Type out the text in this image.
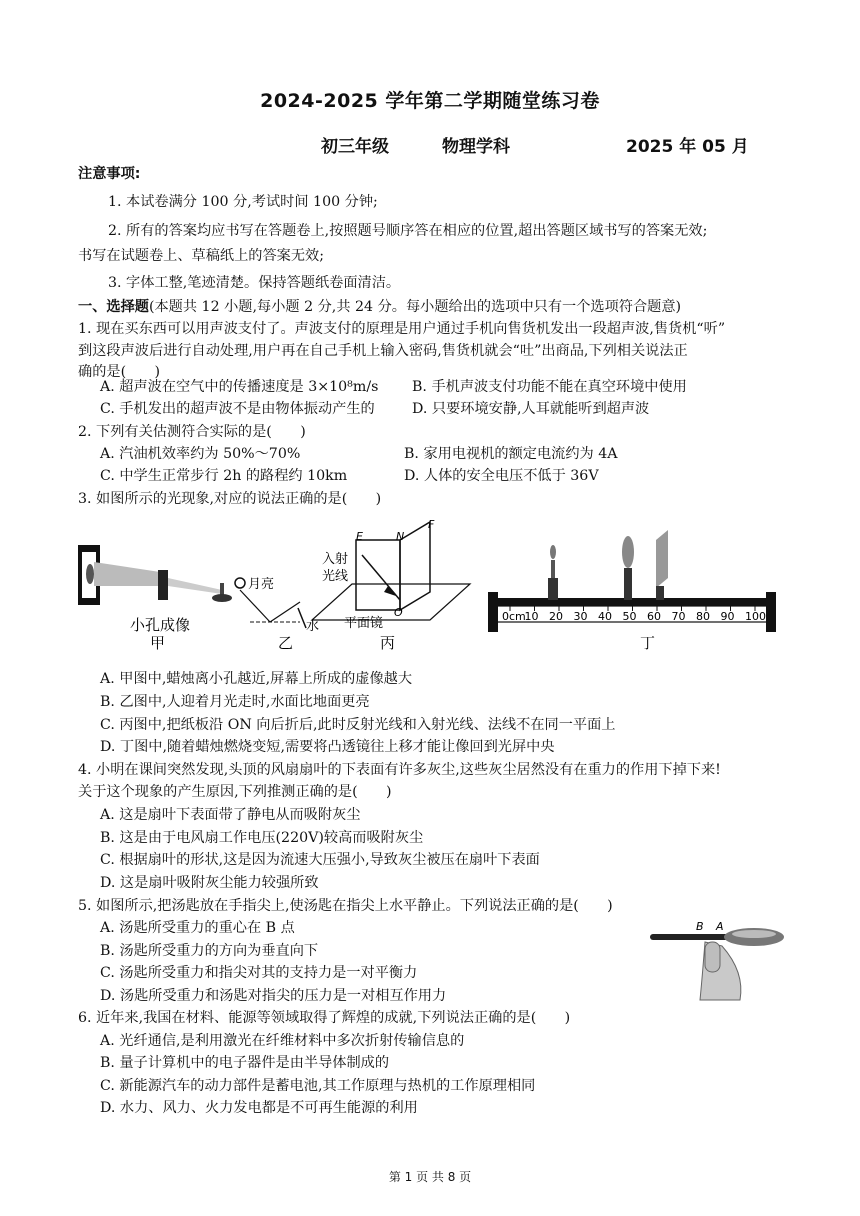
2024-2025 学年第二学期随堂练习卷
初三年级	物理学科	2025 年 05 月
注意事项:
1. 本试卷满分 100 分,考试时间 100 分钟;
2. 所有的答案均应书写在答题卷上,按照题号顺序答在相应的位置,超出答题区域书写的答案无效;
书写在试题卷上、草稿纸上的答案无效;
3. 字体工整,笔迹清楚。保持答题纸卷面清洁。
一、选择题(本题共 12 小题,每小题 2 分,共 24 分。每小题给出的选项中只有一个选项符合题意)
1. 现在买东西可以用声波支付了。声波支付的原理是用户通过手机向售货机发出一段超声波,售货机“听”
到这段声波后进行自动处理,用户再在自己手机上输入密码,售货机就会“吐”出商品,下列相关说法正
确的是(　　)
A. 超声波在空气中的传播速度是 3×10⁸m/s B. 手机声波支付功能不能在真空环境中使用
C. 手机发出的超声波不是由物体振动产生的	D. 只要环境安静,人耳就能听到超声波
2. 下列有关估测符合实际的是(　　)
A. 汽油机效率约为 50%～70%	B. 家用电视机的额定电流约为 4A
C. 中学生正常步行 2h 的路程约 10km	D. 人体的安全电压不低于 36V
3. 如图所示的光现象,对应的说法正确的是(　　)
小孔成像
甲
月亮
水
乙
E	N
F
O
入射
光线
平面镜
丙
0cm
10 20 30 40 50 60 70 80 90 100
丁
B A
A. 甲图中,蜡烛离小孔越近,屏幕上所成的虚像越大
B. 乙图中,人迎着月光走时,水面比地面更亮
C. 丙图中,把纸板沿 ON 向后折后,此时反射光线和入射光线、法线不在同一平面上
D. 丁图中,随着蜡烛燃烧变短,需要将凸透镜往上移才能让像回到光屏中央
4. 小明在课间突然发现,头顶的风扇扇叶的下表面有许多灰尘,这些灰尘居然没有在重力的作用下掉下来!
关于这个现象的产生原因,下列推测正确的是(　　)
A. 这是扇叶下表面带了静电从而吸附灰尘
B. 这是由于电风扇工作电压(220V)较高而吸附灰尘
C. 根据扇叶的形状,这是因为流速大压强小,导致灰尘被压在扇叶下表面
D. 这是扇叶吸附灰尘能力较强所致
5. 如图所示,把汤匙放在手指尖上,使汤匙在指尖上水平静止。下列说法正确的是(　　)
A. 汤匙所受重力的重心在 B 点
B. 汤匙所受重力的方向为垂直向下
C. 汤匙所受重力和指尖对其的支持力是一对平衡力
D. 汤匙所受重力和汤匙对指尖的压力是一对相互作用力
6. 近年来,我国在材料、能源等领域取得了辉煌的成就,下列说法正确的是(　　)
A. 光纤通信,是利用激光在纤维材料中多次折射传输信息的
B. 量子计算机中的电子器件是由半导体制成的
C. 新能源汽车的动力部件是蓄电池,其工作原理与热机的工作原理相同
D. 水力、风力、火力发电都是不可再生能源的利用
第 1 页 共 8 页
